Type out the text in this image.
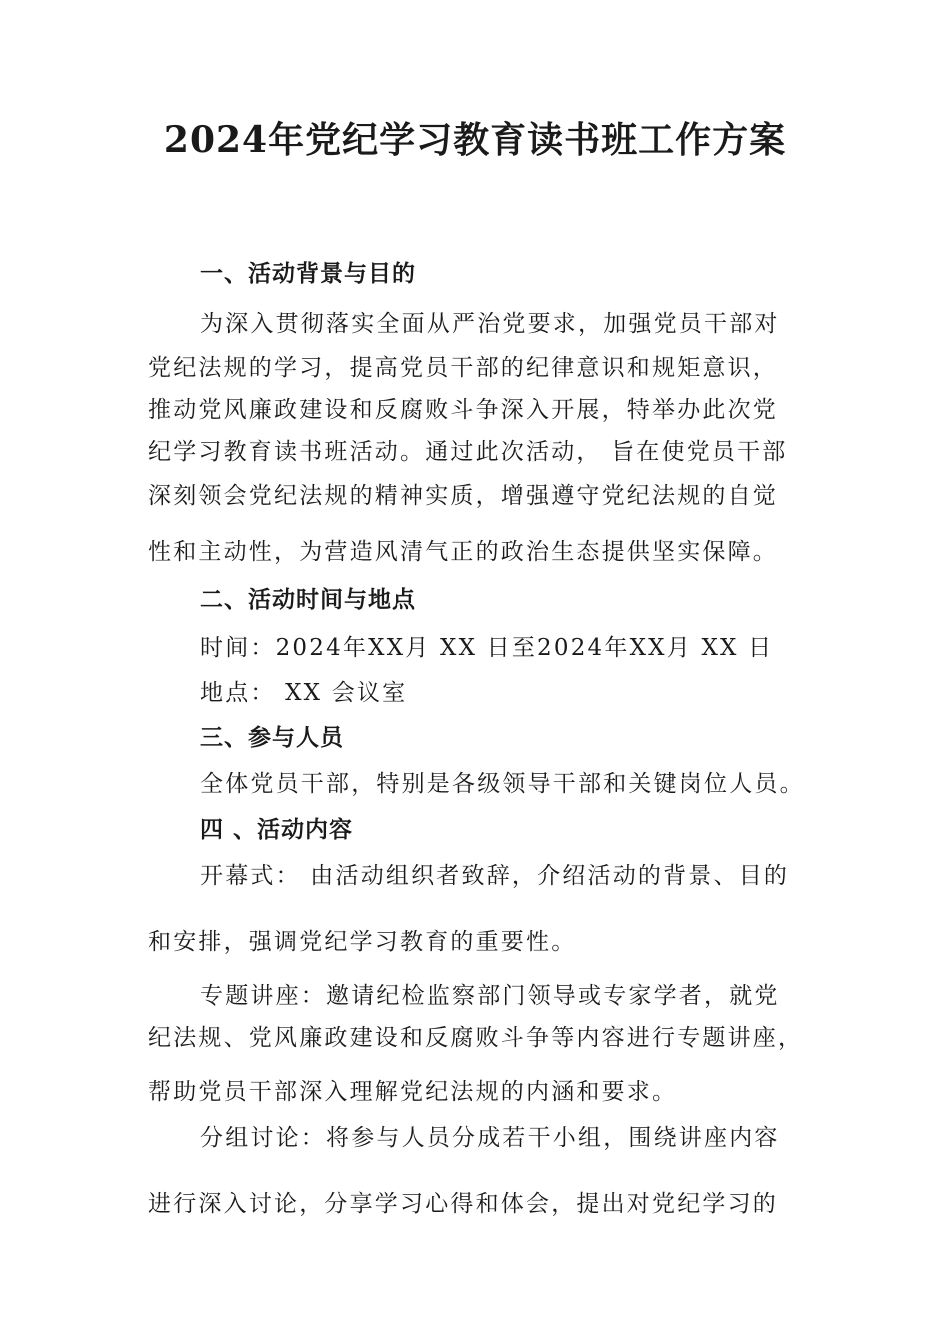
2024年党纪学习教育读书班工作方案
一、活动背景与目的
为深入贯彻落实全面从严治党要求，加强党员干部对
党纪法规的学习，提高党员干部的纪律意识和规矩意识，
推动党风廉政建设和反腐败斗争深入开展，特举办此次党
纪学习教育读书班活动。通过此次活动， 旨在使党员干部
深刻领会党纪法规的精神实质，增强遵守党纪法规的自觉
性和主动性，为营造风清气正的政治生态提供坚实保障。
二、活动时间与地点
时间：2024年XX月 XX 日至2024年XX月 XX 日
地点： XX 会议室
三、参与人员
全体党员干部，特别是各级领导干部和关键岗位人员。
四 、活动内容
开幕式： 由活动组织者致辞，介绍活动的背景、目的
和安排，强调党纪学习教育的重要性。
专题讲座：邀请纪检监察部门领导或专家学者，就党
纪法规、党风廉政建设和反腐败斗争等内容进行专题讲座，
帮助党员干部深入理解党纪法规的内涵和要求。
分组讨论：将参与人员分成若干小组，围绕讲座内容
进行深入讨论，分享学习心得和体会，提出对党纪学习的
